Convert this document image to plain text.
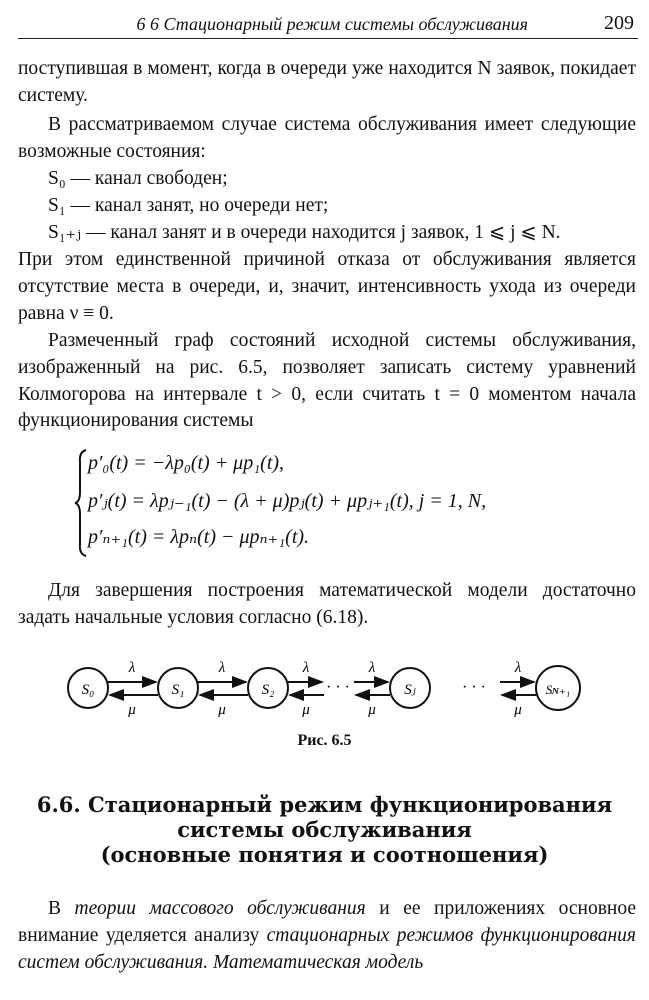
6 6 Стационарный режим системы обслуживания	209

поступившая в момент, когда в очереди уже находится N заявок, покидает систему.

В рассматриваемом случае система обслуживания имеет следующие возможные состояния:

S₀ — канал свободен;

S₁ — канал занят, но очереди нет;

S₁₊ⱼ — канал занят и в очереди находится j заявок, 1 ⩽ j ⩽ N.

При этом единственной причиной отказа от обслуживания является отсутствие места в очереди, и, значит, интенсивность ухода из очереди равна ν ≡ 0.

Размеченный граф состояний исходной системы обслуживания, изображенный на рис. 6.5, позволяет записать систему уравнений Колмогорова на интервале t > 0, если считать t = 0 моментом начала функционирования системы

p′₀(t) = −λp₀(t) + μp₁(t),
p′ⱼ(t) = λpⱼ₋₁(t) − (λ + μ)pⱼ(t) + μpⱼ₊₁(t), j = 1, N,
p′ₙ₊₁(t) = λpₙ(t) − μpₙ₊₁(t).

Для завершения построения математической модели достаточно задать начальные условия согласно (6.18).

S₀	S₁	S₂	Sⱼ	Sɴ₊₁
· · ·	· · ·
λ	λ	λ	λ	λ
μ	μ	μ	μ	μ
Рис. 6.5
6.6. Стационарный режим функционирования
системы обслуживания
(основные понятия и соотношения)

В теории массового обслуживания и ее приложениях основное внимание уделяется анализу стационарных режимов функционирования систем обслуживания. Математическая модель
